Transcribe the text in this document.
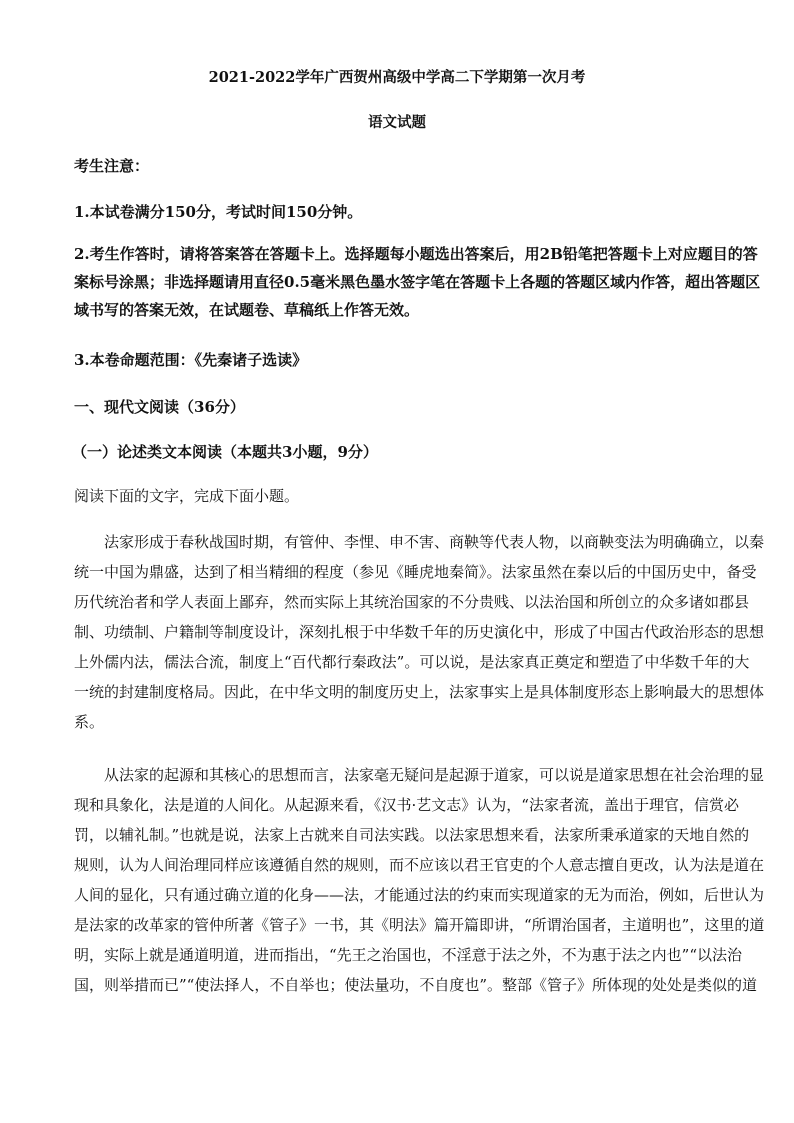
2021-2022学年广西贺州高级中学高二下学期第一次月考
语文试题
考生注意：
1.本试卷满分150分，考试时间150分钟。
2.考生作答时，请将答案答在答题卡上。选择题每小题选出答案后，用2B铅笔把答题卡上对应题目的答
案标号涂黑；非选择题请用直径0.5毫米黑色墨水签字笔在答题卡上各题的答题区域内作答，超出答题区
域书写的答案无效，在试题卷、草稿纸上作答无效。
3.本卷命题范围：《先秦诸子选读》
一、现代文阅读（36分）
（一）论述类文本阅读（本题共3小题，9分）
阅读下面的文字，完成下面小题。
法家形成于春秋战国时期，有管仲、李悝、申不害、商鞅等代表人物，以商鞅变法为明确确立，以秦
统一中国为鼎盛，达到了相当精细的程度（参见《睡虎地秦简》。法家虽然在秦以后的中国历史中，备受
历代统治者和学人表面上鄙弃，然而实际上其统治国家的不分贵贱、以法治国和所创立的众多诸如郡县
制、功绩制、户籍制等制度设计，深刻扎根于中华数千年的历史演化中，形成了中国古代政治形态的思想
上外儒内法，儒法合流，制度上“百代都行秦政法”。可以说，是法家真正奠定和塑造了中华数千年的大
一统的封建制度格局。因此，在中华文明的制度历史上，法家事实上是具体制度形态上影响最大的思想体
系。
从法家的起源和其核心的思想而言，法家毫无疑问是起源于道家，可以说是道家思想在社会治理的显
现和具象化，法是道的人间化。从起源来看，《汉书·艺文志》认为，“法家者流，盖出于理官，信赏必
罚，以辅礼制。”也就是说，法家上古就来自司法实践。以法家思想来看，法家所秉承道家的天地自然的
规则，认为人间治理同样应该遵循自然的规则，而不应该以君王官吏的个人意志擅自更改，认为法是道在
人间的显化，只有通过确立道的化身——法，才能通过法的约束而实现道家的无为而治，例如，后世认为
是法家的改革家的管仲所著《管子》一书，其《明法》篇开篇即讲，“所谓治国者，主道明也”，这里的道
明，实际上就是通道明道，进而指出，“先王之治国也，不淫意于法之外，不为惠于法之内也”“以法治
国，则举措而已”“使法择人，不自举也；使法量功，不自度也”。整部《管子》所体现的处处是类似的道
